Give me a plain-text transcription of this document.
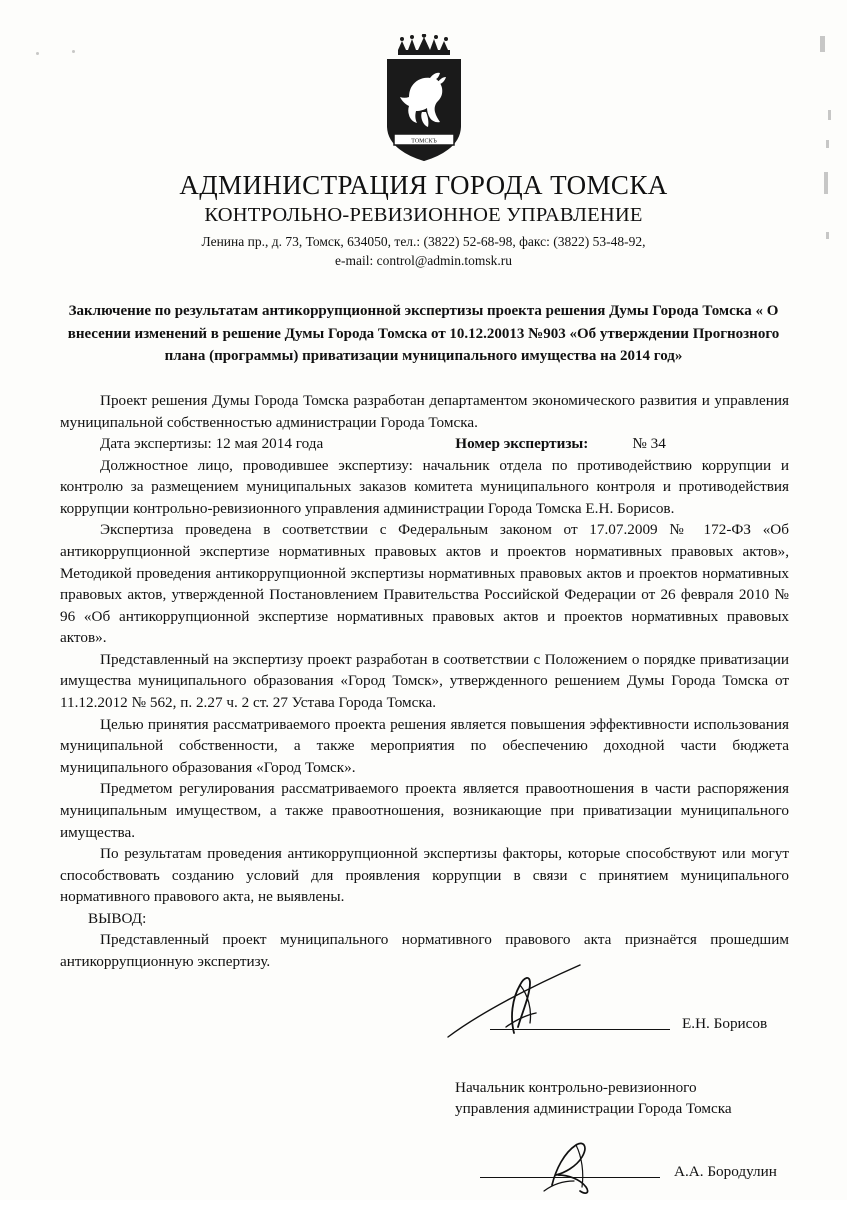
ТОМСКЪ
АДМИНИСТРАЦИЯ ГОРОДА ТОМСКА
КОНТРОЛЬНО-РЕВИЗИОННОЕ УПРАВЛЕНИЕ
Ленина пр., д. 73, Томск, 634050, тел.: (3822) 52-68-98, факс: (3822) 53-48-92,
e-mail: control@admin.tomsk.ru
Заключение по результатам антикоррупционной экспертизы проекта решения Думы Города Томска « О внесении изменений в решение Думы Города Томска от 10.12.20013 №903 «Об утверждении Прогнозного плана (программы) приватизации муниципального имущества на 2014 год»

Проект решения Думы Города Томска разработан департаментом экономического развития и управления муниципальной собственностью администрации Города Томска.

Дата экспертизы: 12 мая 2014 года	Номер экспертизы:	№ 34

Должностное лицо, проводившее экспертизу: начальник отдела по противодействию коррупции и контролю за размещением муниципальных заказов комитета муниципального контроля и противодействия коррупции контрольно-ревизионного управления администрации Города Томска Е.Н. Борисов.

Экспертиза проведена в соответствии с Федеральным законом от 17.07.2009 № 172-ФЗ «Об антикоррупционной экспертизе нормативных правовых актов и проектов нормативных правовых актов», Методикой проведения антикоррупционной экспертизы нормативных правовых актов и проектов нормативных правовых актов, утвержденной Постановлением Правительства Российской Федерации от 26 февраля 2010 № 96 «Об антикоррупционной экспертизе нормативных правовых актов и проектов нормативных правовых актов».

Представленный на экспертизу проект разработан в соответствии с Положением о порядке приватизации имущества муниципального образования «Город Томск», утвержденного решением Думы Города Томска от 11.12.2012 № 562, п. 2.27 ч. 2 ст. 27 Устава Города Томска.

Целью принятия рассматриваемого проекта решения является повышения эффективности использования муниципальной собственности, а также мероприятия по обеспечению доходной части бюджета муниципального образования «Город Томск».

Предметом регулирования рассматриваемого проекта является правоотношения в части распоряжения муниципальным имуществом, а также правоотношения, возникающие при приватизации муниципального имущества.

По результатам проведения антикоррупционной экспертизы факторы, которые способствуют или могут способствовать созданию условий для проявления коррупции в связи с принятием муниципального нормативного правового акта, не выявлены.

ВЫВОД:

Представленный проект муниципального нормативного правового акта признаётся прошедшим антикоррупционную экспертизу.

Е.Н. Борисов
Начальник контрольно-ревизионного
управления администрации Города Томска
А.А. Бородулин
